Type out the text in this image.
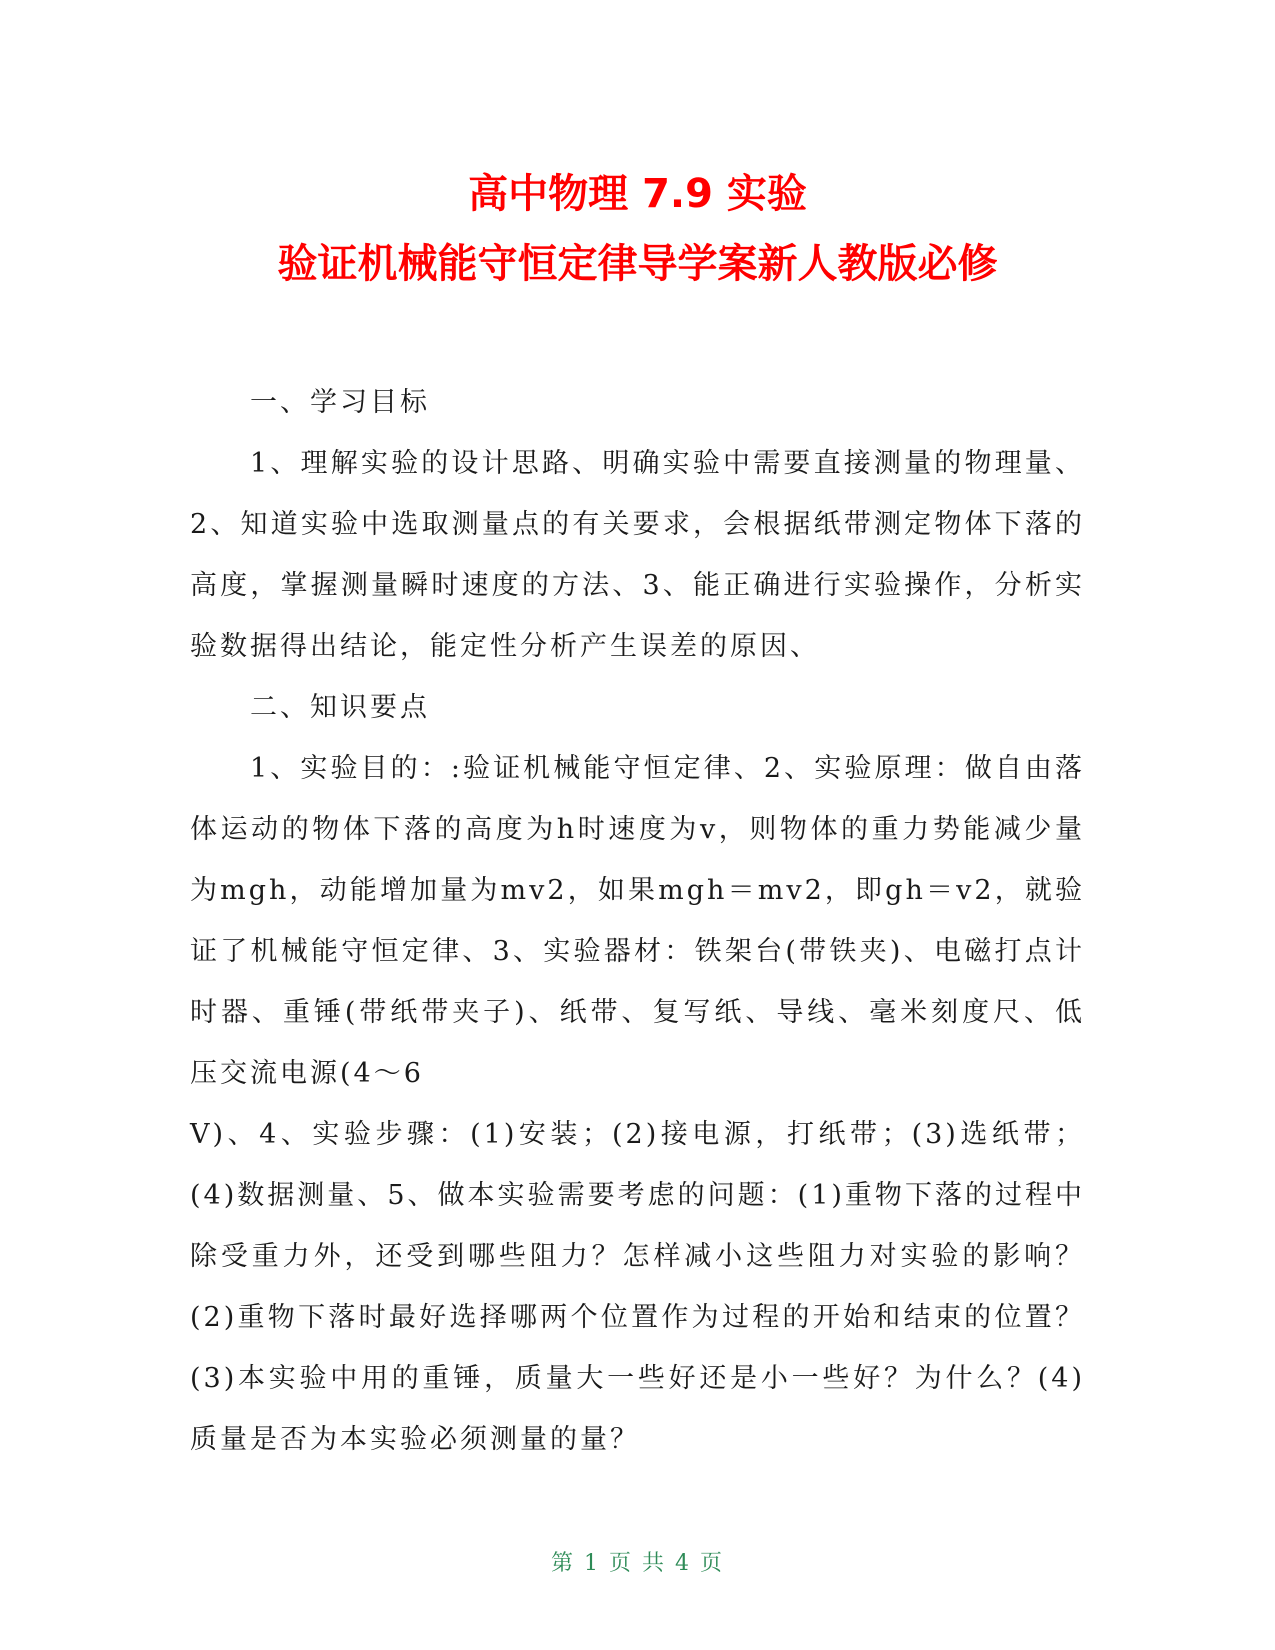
高中物理 7.9 实验
验证机械能守恒定律导学案新人教版必修

一、学习目标

1、理解实验的设计思路、明确实验中需要直接测量的物理量、2、知道实验中选取测量点的有关要求，会根据纸带测定物体下落的高度，掌握测量瞬时速度的方法、3、能正确进行实验操作，分析实验数据得出结论，能定性分析产生误差的原因、

二、知识要点

1、实验目的：:验证机械能守恒定律、2、实验原理：做自由落体运动的物体下落的高度为h时速度为v，则物体的重力势能减少量为mgh，动能增加量为mv2，如果mgh＝mv2，即gh＝v2，就验证了机械能守恒定律、3、实验器材：铁架台(带铁夹)、电磁打点计时器、重锤(带纸带夹子)、纸带、复写纸、导线、毫米刻度尺、低压交流电源(4～6

V)、4、实验步骤：(1)安装；(2)接电源，打纸带；(3)选纸带；(4)数据测量、5、做本实验需要考虑的问题：(1)重物下落的过程中除受重力外，还受到哪些阻力？怎样减小这些阻力对实验的影响？(2)重物下落时最好选择哪两个位置作为过程的开始和结束的位置？(3)本实验中用的重锤，质量大一些好还是小一些好？为什么？(4)质量是否为本实验必须测量的量？

第 1 页 共 4 页
